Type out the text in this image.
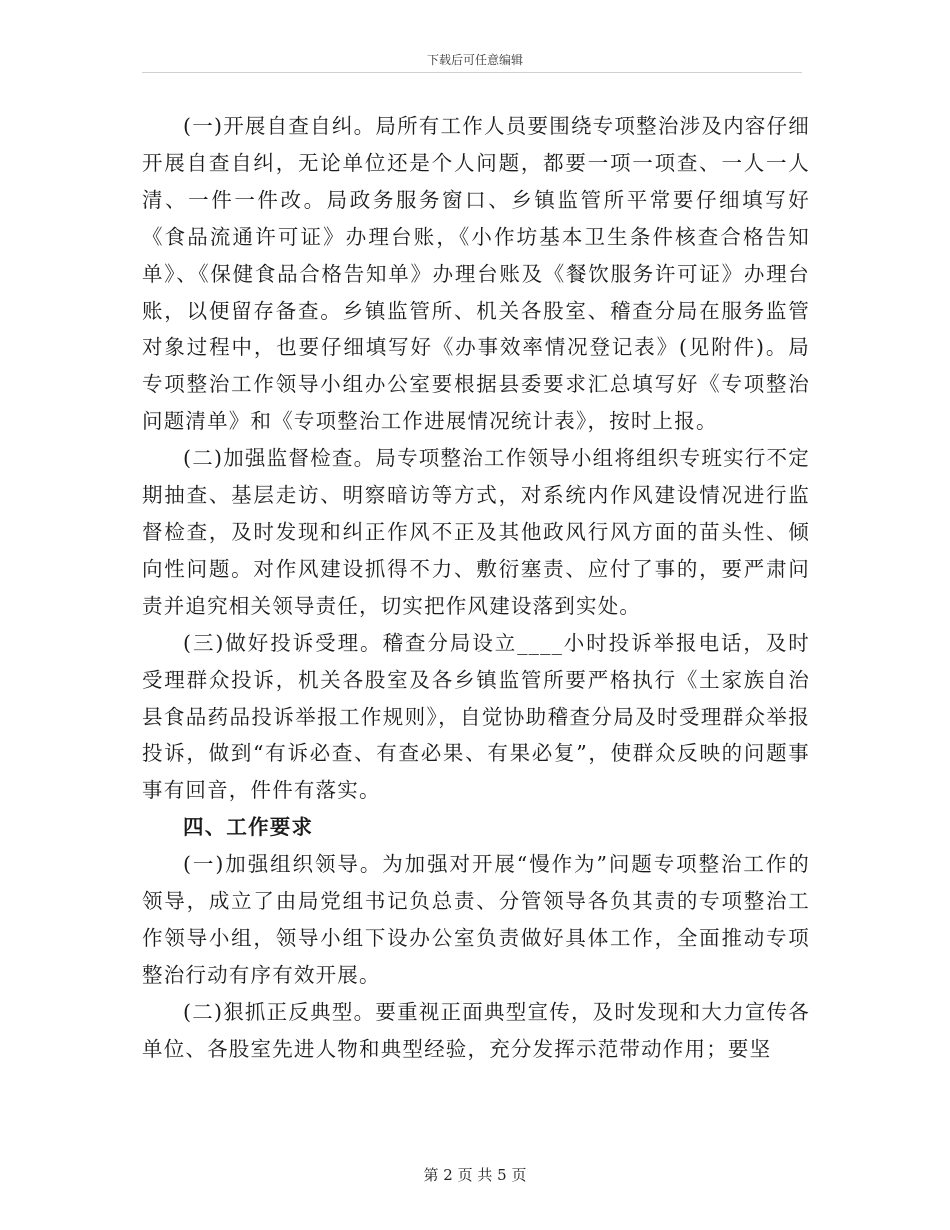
下载后可任意编辑

(一)开展自查自纠。局所有工作人员要围绕专项整治涉及内容仔细开展自查自纠，无论单位还是个人问题，都要一项一项查、一人一人清、一件一件改。局政务服务窗口、乡镇监管所平常要仔细填写好《食品流通许可证》办理台账，《小作坊基本卫生条件核查合格告知单》、《保健食品合格告知单》办理台账及《餐饮服务许可证》办理台账，以便留存备查。乡镇监管所、机关各股室、稽查分局在服务监管对象过程中，也要仔细填写好《办事效率情况登记表》(见附件)。局专项整治工作领导小组办公室要根据县委要求汇总填写好《专项整治问题清单》和《专项整治工作进展情况统计表》，按时上报。

(二)加强监督检查。局专项整治工作领导小组将组织专班实行不定期抽查、基层走访、明察暗访等方式，对系统内作风建设情况进行监督检查，及时发现和纠正作风不正及其他政风行风方面的苗头性、倾向性问题。对作风建设抓得不力、敷衍塞责、应付了事的，要严肃问责并追究相关领导责任，切实把作风建设落到实处。

(三)做好投诉受理。稽查分局设立____小时投诉举报电话，及时受理群众投诉，机关各股室及各乡镇监管所要严格执行《土家族自治县食品药品投诉举报工作规则》，自觉协助稽查分局及时受理群众举报投诉，做到“有诉必查、有查必果、有果必复”，使群众反映的问题事事有回音，件件有落实。

四、工作要求

(一)加强组织领导。为加强对开展“慢作为”问题专项整治工作的领导，成立了由局党组书记负总责、分管领导各负其责的专项整治工作领导小组，领导小组下设办公室负责做好具体工作，全面推动专项整治行动有序有效开展。

(二)狠抓正反典型。要重视正面典型宣传，及时发现和大力宣传各单位、各股室先进人物和典型经验，充分发挥示范带动作用；要坚

第 2 页 共 5 页
